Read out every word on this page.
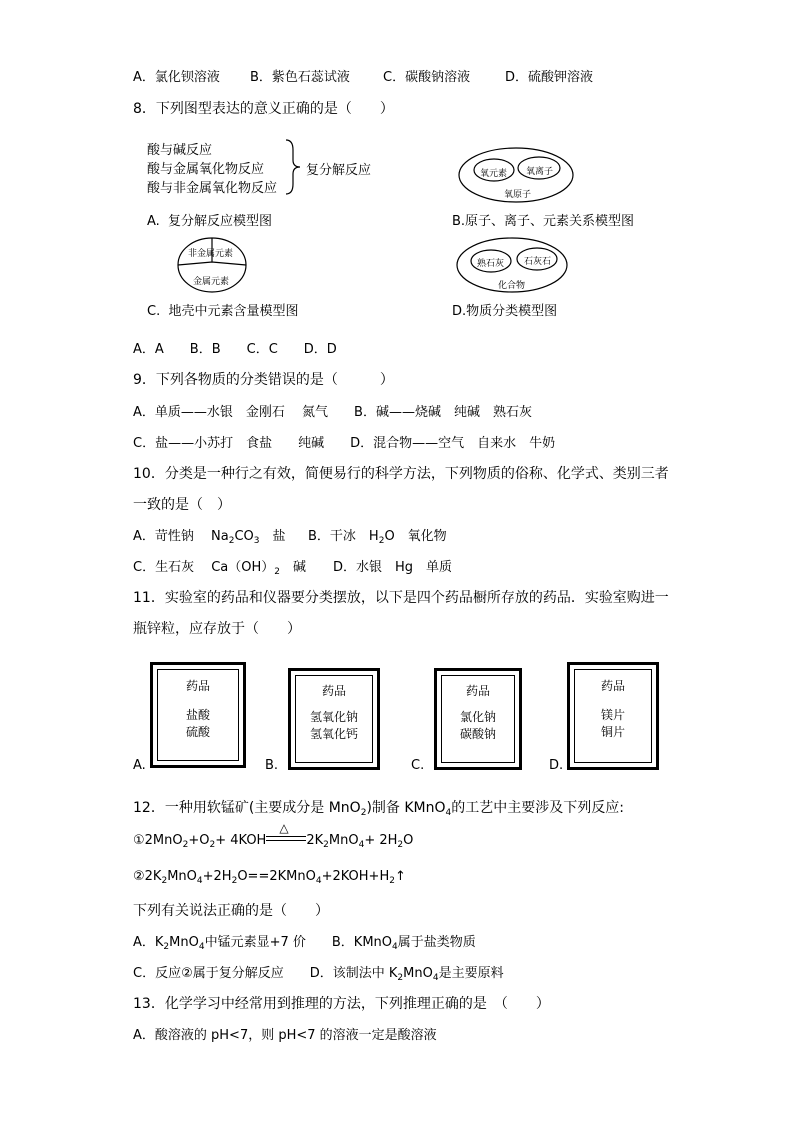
A．氯化钡溶液 B．紫色石蕊试液	C．碳酸钠溶液	D．硫酸钾溶液
8．下列图型表达的意义正确的是（　　）
酸与碱反应
酸与金属氧化物反应
酸与非金属氧化物反应
复分解反应
A.  复分解反应模型图
氧元素 氧离子
氧原子
B.原子、离子、元素关系模型图
非金属元素
金属元素
C.  地壳中元素含量模型图
熟石灰 石灰石
化合物
D.物质分类模型图
A．A　　B．B　　C．C　　D．D
9．下列各物质的分类错误的是（　　　）
A．单质——水银　金刚石　 氮气　　B．碱——烧碱　纯碱　熟石灰
C．盐——小苏打　食盐　　纯碱　　D．混合物——空气　自来水　牛奶
10．分类是一种行之有效，简便易行的科学方法，下列物质的俗称、化学式、类别三者
一致的是（　）
A．苛性钠　 $Na_2CO_3$　盐 B．干冰　$H_2O$　氧化物
C．生石灰　 $Ca(OH)_2$　碱 D．水银　Hg　单质
11．实验室的药品和仪器要分类摆放，以下是四个药品橱所存放的药品．实验室购进一
瓶锌粒，应存放于（　　）
药品
盐酸
硫酸
A.
药品
氢氧化钠
氢氧化钙
B.
药品
氯化钠
碳酸钠
C.
药品
镁片
铜片
D.
12．一种用软锰矿(主要成分是 MnO$_2$)制备 KMnO$_4$的工艺中主要涉及下列反应:
$①2MnO_2+O_2+ 4KOH$
△
$2K_2MnO_4+ 2H_2O$
$②2K_2MnO_4+2H_2O==2KMnO_4+2KOH+H_2↑$
下列有关说法正确的是（　　）
A．$K_2MnO_4$中锰元素显+7 价　　B．KMnO$_4$属于盐类物质
C．反应②属于复分解反应　　D．该制法中 $K_2MnO_4$是主要原料
13．化学学习中经常用到推理的方法，下列推理正确的是　（　　）
A．酸溶液的 pH<7，则 pH<7 的溶液一定是酸溶液
